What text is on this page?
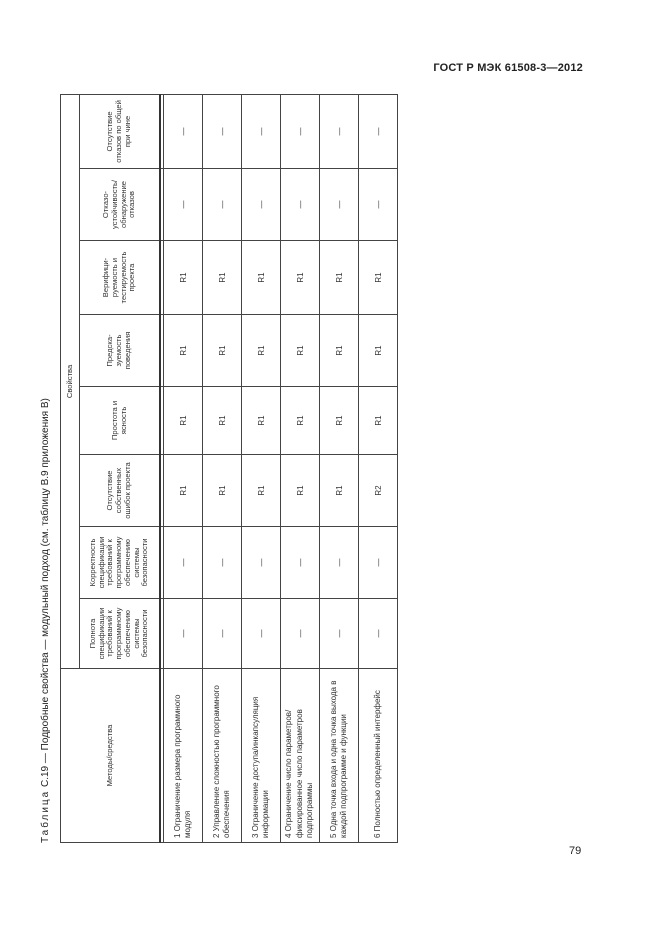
ГОСТ Р МЭК 61508-3—2012
Таблица С.19 — Подробные свойства — модульный подход (см. таблицу В.9 приложения В)	Методы/средства	Свойства							
	Полнота спецификации требований к программному обеспечению системы безопасности	Корректность спецификации требований к программному обеспечению системы безопасности	Отсутствие собственных ошибок проекта	Простота и ясность	Предска-зуемость поведения	Верифици-руемость и тестируемость проекта	Отказо-устойчивость/ обнаружение отказов	Отсутствие отказов по общей при чине

1 Ограничение размера программного модуля	—	—	R1	R1	R1	R1	—	—
2 Управление сложностью программного обеспечения	—	—	R1	R1	R1	R1	—	—
3 Ограничение доступа/инкапсуляция информации	—	—	R1	R1	R1	R1	—	—
4 Ограничение число параметров/фиксированное число параметров подпрограммы	—	—	R1	R1	R1	R1	—	—
5 Одна точка входа и одна точка выхода в каждой подпрограмме и функции	—	—	R1	R1	R1	R1	—	—
6 Полностью определенный интерфейс	—	—	R2	R1	R1	R1	—	—
79
